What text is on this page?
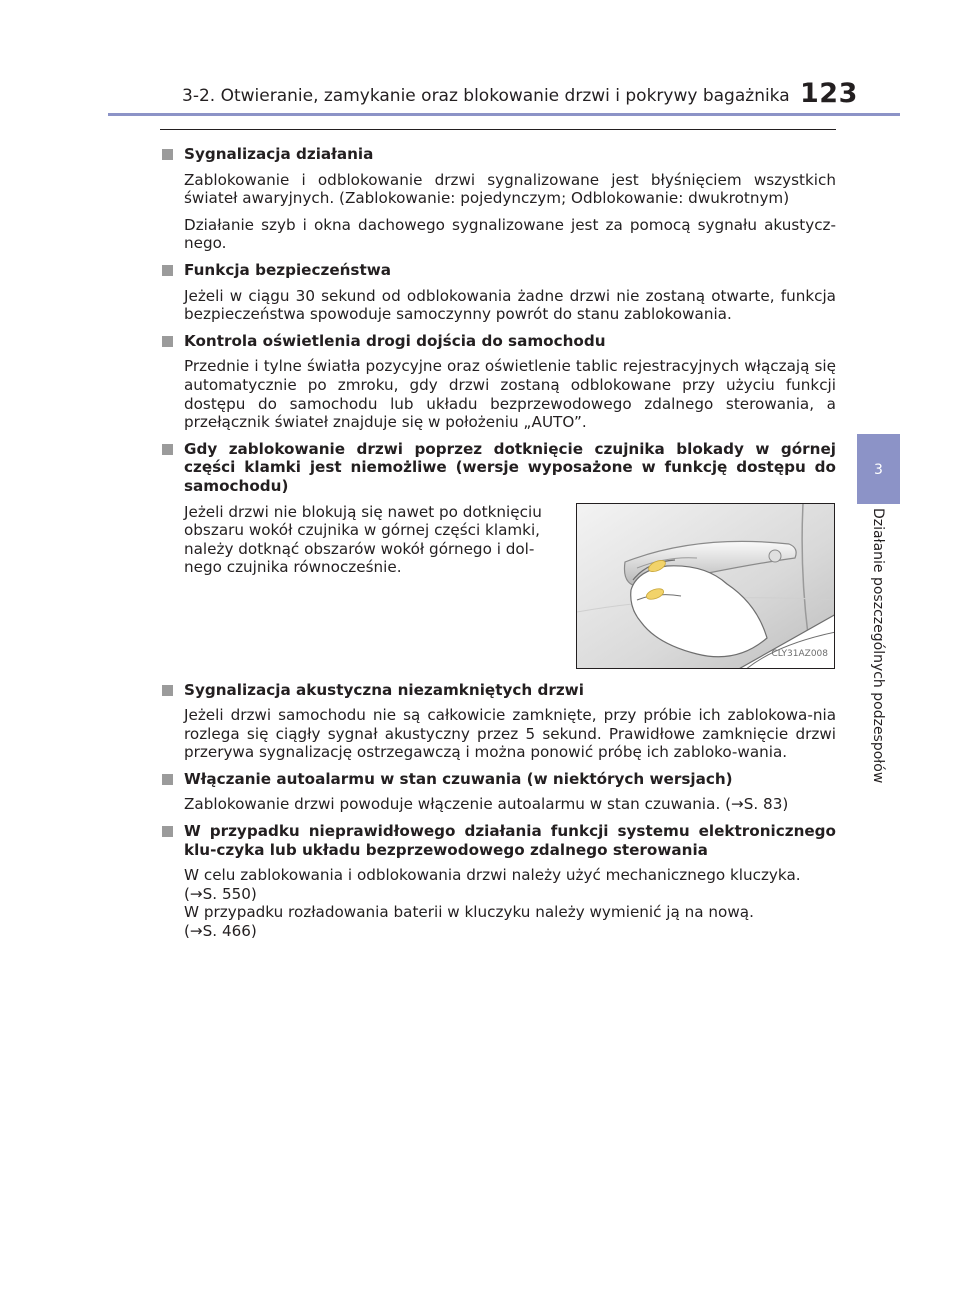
3-2. Otwieranie, zamykanie oraz blokowanie drzwi i pokrywy bagażnika 123
3
Działanie poszczególnych podzespołów
Sygnalizacja działania
Zablokowanie i odblokowanie drzwi sygnalizowane jest błyśnięciem wszystkich świateł awaryjnych. (Zablokowanie: pojedynczym; Odblokowanie: dwukrotnym)
Działanie szyb i okna dachowego sygnalizowane jest za pomocą sygnału akustycz-nego.
Funkcja bezpieczeństwa
Jeżeli w ciągu 30 sekund od odblokowania żadne drzwi nie zostaną otwarte, funkcja bezpieczeństwa spowoduje samoczynny powrót do stanu zablokowania.
Kontrola oświetlenia drogi dojścia do samochodu
Przednie i tylne światła pozycyjne oraz oświetlenie tablic rejestracyjnych włączają się automatycznie po zmroku, gdy drzwi zostaną odblokowane przy użyciu funkcji dostępu do samochodu lub układu bezprzewodowego zdalnego sterowania, a przełącznik świateł znajduje się w położeniu „AUTO”.
Gdy zablokowanie drzwi poprzez dotknięcie czujnika blokady w górnej części klamki jest niemożliwe (wersje wyposażone w funkcję dostępu do samochodu)
Jeżeli drzwi nie blokują się nawet po dotknięciu obszaru wokół czujnika w górnej części klamki, należy dotknąć obszarów wokół górnego i dol-nego czujnika równocześnie.
CLY31AZ008
Sygnalizacja akustyczna niezamkniętych drzwi
Jeżeli drzwi samochodu nie są całkowicie zamknięte, przy próbie ich zablokowa-nia rozlega się ciągły sygnał akustyczny przez 5 sekund. Prawidłowe zamknięcie drzwi przerywa sygnalizację ostrzegawczą i można ponowić próbę ich zabloko-wania.
Włączanie autoalarmu w stan czuwania (w niektórych wersjach)
Zablokowanie drzwi powoduje włączenie autoalarmu w stan czuwania. (→S. 83)
W przypadku nieprawidłowego działania funkcji systemu elektronicznego klu-czyka lub układu bezprzewodowego zdalnego sterowania
W celu zablokowania i odblokowania drzwi należy użyć mechanicznego kluczyka.
(→S. 550)
W przypadku rozładowania baterii w kluczyku należy wymienić ją na nową.
(→S. 466)
